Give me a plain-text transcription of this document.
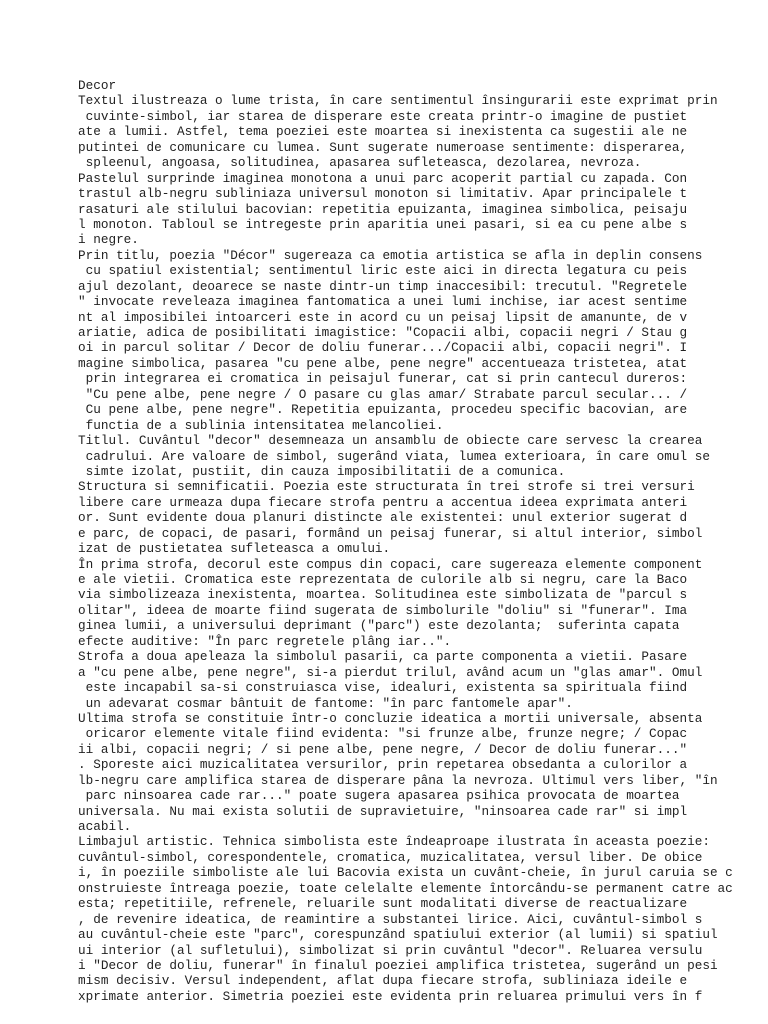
Decor
Textul ilustreaza o lume trista, în care sentimentul însingurarii este exprimat prin
cuvinte-simbol, iar starea de disperare este creata printr-o imagine de pustiet
ate a lumii. Astfel, tema poeziei este moartea si inexistenta ca sugestii ale ne
putintei de comunicare cu lumea. Sunt sugerate numeroase sentimente: disperarea,
spleenul, angoasa, solitudinea, apasarea sufleteasca, dezolarea, nevroza.
Pastelul surprinde imaginea monotona a unui parc acoperit partial cu zapada. Con
trastul alb-negru subliniaza universul monoton si limitativ. Apar principalele t
rasaturi ale stilului bacovian: repetitia epuizanta, imaginea simbolica, peisaju
l monoton. Tabloul se intregeste prin aparitia unei pasari, si ea cu pene albe s
i negre.
Prin titlu, poezia "Décor" sugereaza ca emotia artistica se afla in deplin consens
cu spatiul existential; sentimentul liric este aici in directa legatura cu peis
ajul dezolant, deoarece se naste dintr-un timp inaccesibil: trecutul. "Regretele
" invocate reveleaza imaginea fantomatica a unei lumi inchise, iar acest sentime
nt al imposibilei intoarceri este in acord cu un peisaj lipsit de amanunte, de v
ariatie, adica de posibilitati imagistice: "Copacii albi, copacii negri / Stau g
oi in parcul solitar / Decor de doliu funerar.../Copacii albi, copacii negri". I
magine simbolica, pasarea "cu pene albe, pene negre" accentueaza tristetea, atat
prin integrarea ei cromatica in peisajul funerar, cat si prin cantecul dureros:
"Cu pene albe, pene negre / O pasare cu glas amar/ Strabate parcul secular... /
Cu pene albe, pene negre". Repetitia epuizanta, procedeu specific bacovian, are
functia de a sublinia intensitatea melancoliei.
Titlul. Cuvântul "decor" desemneaza un ansamblu de obiecte care servesc la crearea
cadrului. Are valoare de simbol, sugerând viata, lumea exterioara, în care omul se
simte izolat, pustiit, din cauza imposibilitatii de a comunica.
Structura si semnificatii. Poezia este structurata în trei strofe si trei versuri
libere care urmeaza dupa fiecare strofa pentru a accentua ideea exprimata anteri
or. Sunt evidente doua planuri distincte ale existentei: unul exterior sugerat d
e parc, de copaci, de pasari, formând un peisaj funerar, si altul interior, simbol
izat de pustietatea sufleteasca a omului.
În prima strofa, decorul este compus din copaci, care sugereaza elemente component
e ale vietii. Cromatica este reprezentata de culorile alb si negru, care la Baco
via simbolizeaza inexistenta, moartea. Solitudinea este simbolizata de "parcul s
olitar", ideea de moarte fiind sugerata de simbolurile "doliu" si "funerar". Ima
ginea lumii, a universului deprimant ("parc") este dezolanta;  suferinta capata
efecte auditive: "În parc regretele plâng iar..".
Strofa a doua apeleaza la simbolul pasarii, ca parte componenta a vietii. Pasare
a "cu pene albe, pene negre", si-a pierdut trilul, având acum un "glas amar". Omul
este incapabil sa-si construiasca vise, idealuri, existenta sa spirituala fiind
un adevarat cosmar bântuit de fantome: "în parc fantomele apar".
Ultima strofa se constituie într-o concluzie ideatica a mortii universale, absenta
oricaror elemente vitale fiind evidenta: "si frunze albe, frunze negre; / Copac
ii albi, copacii negri; / si pene albe, pene negre, / Decor de doliu funerar..."
. Sporeste aici muzicalitatea versurilor, prin repetarea obsedanta a culorilor a
lb-negru care amplifica starea de disperare pâna la nevroza. Ultimul vers liber, "în
parc ninsoarea cade rar..." poate sugera apasarea psihica provocata de moartea
universala. Nu mai exista solutii de supravietuire, "ninsoarea cade rar" si impl
acabil.
Limbajul artistic. Tehnica simbolista este îndeaproape ilustrata în aceasta poezie:
cuvântul-simbol, corespondentele, cromatica, muzicalitatea, versul liber. De obice
i, în poeziile simboliste ale lui Bacovia exista un cuvânt-cheie, în jurul caruia se c
onstruieste întreaga poezie, toate celelalte elemente întorcându-se permanent catre ac
esta; repetitiile, refrenele, reluarile sunt modalitati diverse de reactualizare
, de revenire ideatica, de reamintire a substantei lirice. Aici, cuvântul-simbol s
au cuvântul-cheie este "parc", corespunzând spatiului exterior (al lumii) si spatiul
ui interior (al sufletului), simbolizat si prin cuvântul "decor". Reluarea versulu
i "Decor de doliu, funerar" în finalul poeziei amplifica tristetea, sugerând un pesi
mism decisiv. Versul independent, aflat dupa fiecare strofa, subliniaza ideile e
xprimate anterior. Simetria poeziei este evidenta prin reluarea primului vers în f
